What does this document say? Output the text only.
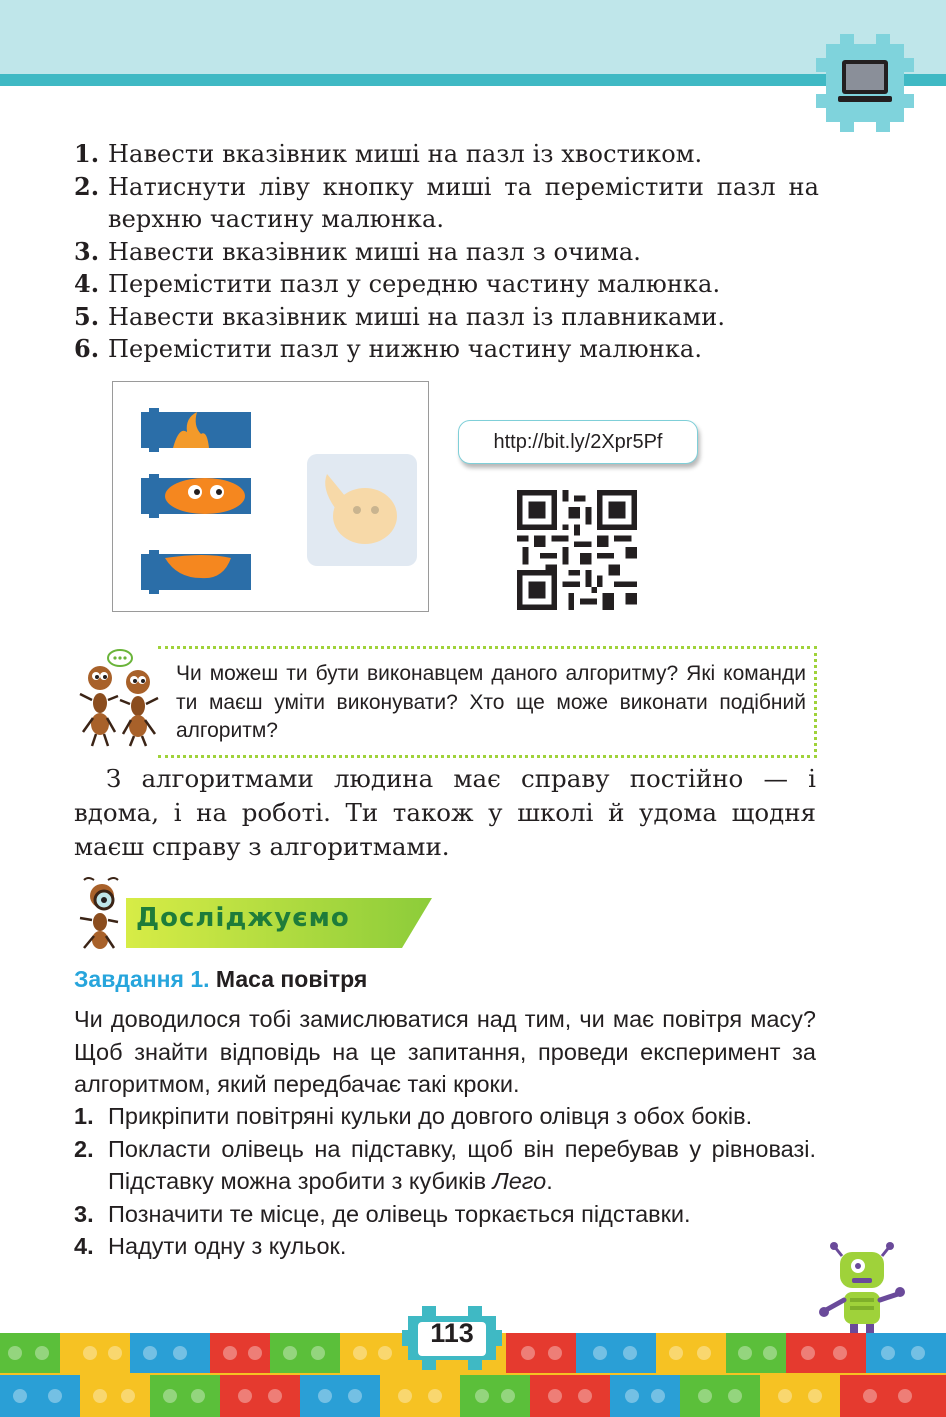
1. Навести вказівник миші на пазл із хвостиком.
2. Натиснути ліву кнопку миші та перемістити пазл на верхню частину малюнка.
3. Навести вказівник миші на пазл з очима.
4. Перемістити пазл у середню частину малюнка.
5. Навести вказівник миші на пазл із плавниками.
6. Перемістити пазл у нижню частину малюнка.
http://bit.ly/2Xpr5Pf
Чи можеш ти бути виконавцем даного алгоритму? Які команди ти маєш уміти виконувати? Хто ще може виконати подібний алгоритм?
З алгоритмами людина має справу постійно — і вдома, і на роботі. Ти також у школі й удома щодня маєш справу з алгоритмами.
Досліджуємо
Завдання 1. Маса повітря
Чи доводилося тобі замислюватися над тим, чи має повітря масу? Щоб знайти відповідь на це запитання, проведи експеримент за алгоритмом, який передбачає такі кроки.
1. Прикріпити повітряні кульки до довгого олівця з обох боків.
2. Покласти олівець на підставку, щоб він перебував у рівновазі. Підставку можна зробити з кубиків Лего.
3. Позначити те місце, де олівець торкається підставки.
4. Надути одну з кульок.
113
